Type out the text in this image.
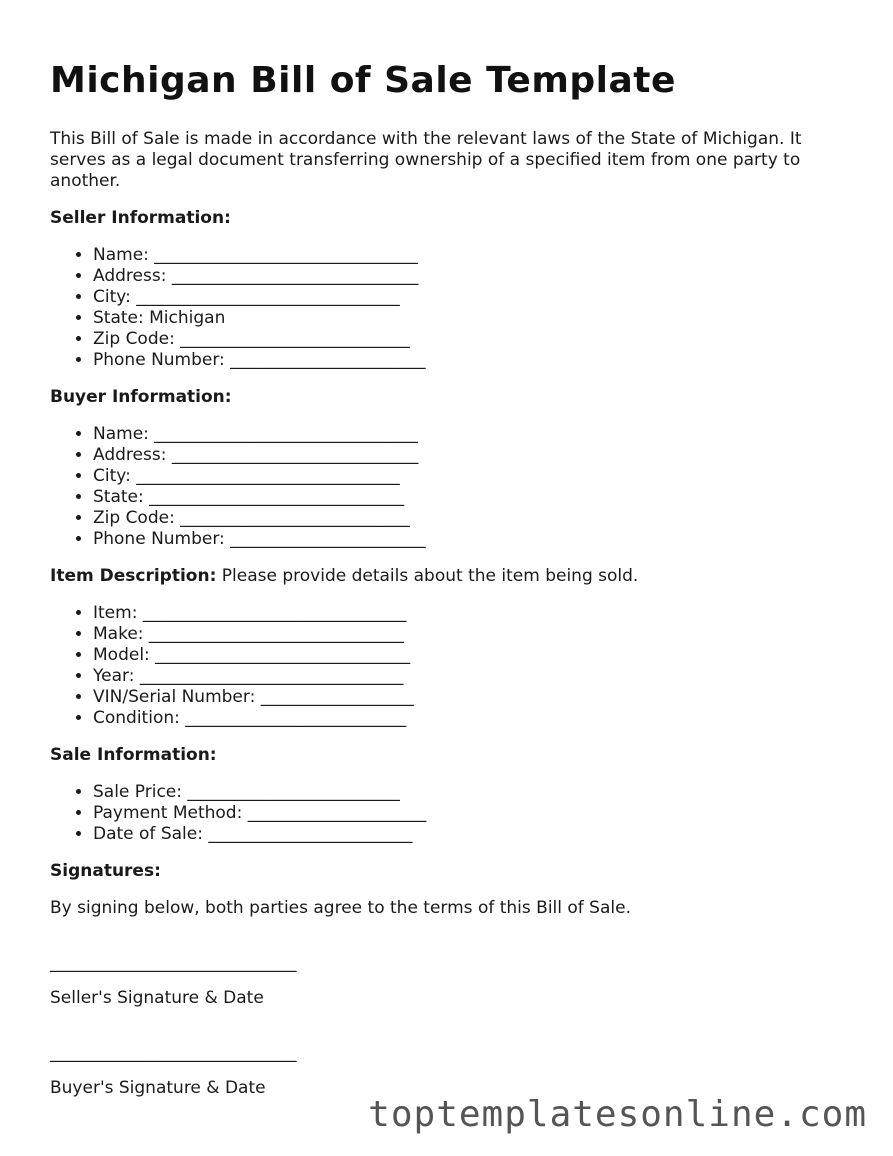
Michigan Bill of Sale Template

This Bill of Sale is made in accordance with the relevant laws of the State of Michigan. It serves as a legal document transferring ownership of a specified item from one party to another.

Seller Information:

• Name: _______________________________
• Address: _____________________________
• City: _______________________________
• State: Michigan
• Zip Code: ___________________________
• Phone Number: _______________________

Buyer Information:

• Name: _______________________________
• Address: _____________________________
• City: _______________________________
• State: ______________________________
• Zip Code: ___________________________
• Phone Number: _______________________

Item Description: Please provide details about the item being sold.

• Item: _______________________________
• Make: ______________________________
• Model: ______________________________
• Year: _______________________________
• VIN/Serial Number: __________________
• Condition: __________________________

Sale Information:

• Sale Price: _________________________
• Payment Method: _____________________
• Date of Sale: ________________________

Signatures:

By signing below, both parties agree to the terms of this Bill of Sale.

_____________________________

Seller's Signature & Date

_____________________________

Buyer's Signature & Date

toptemplatesonline.com
